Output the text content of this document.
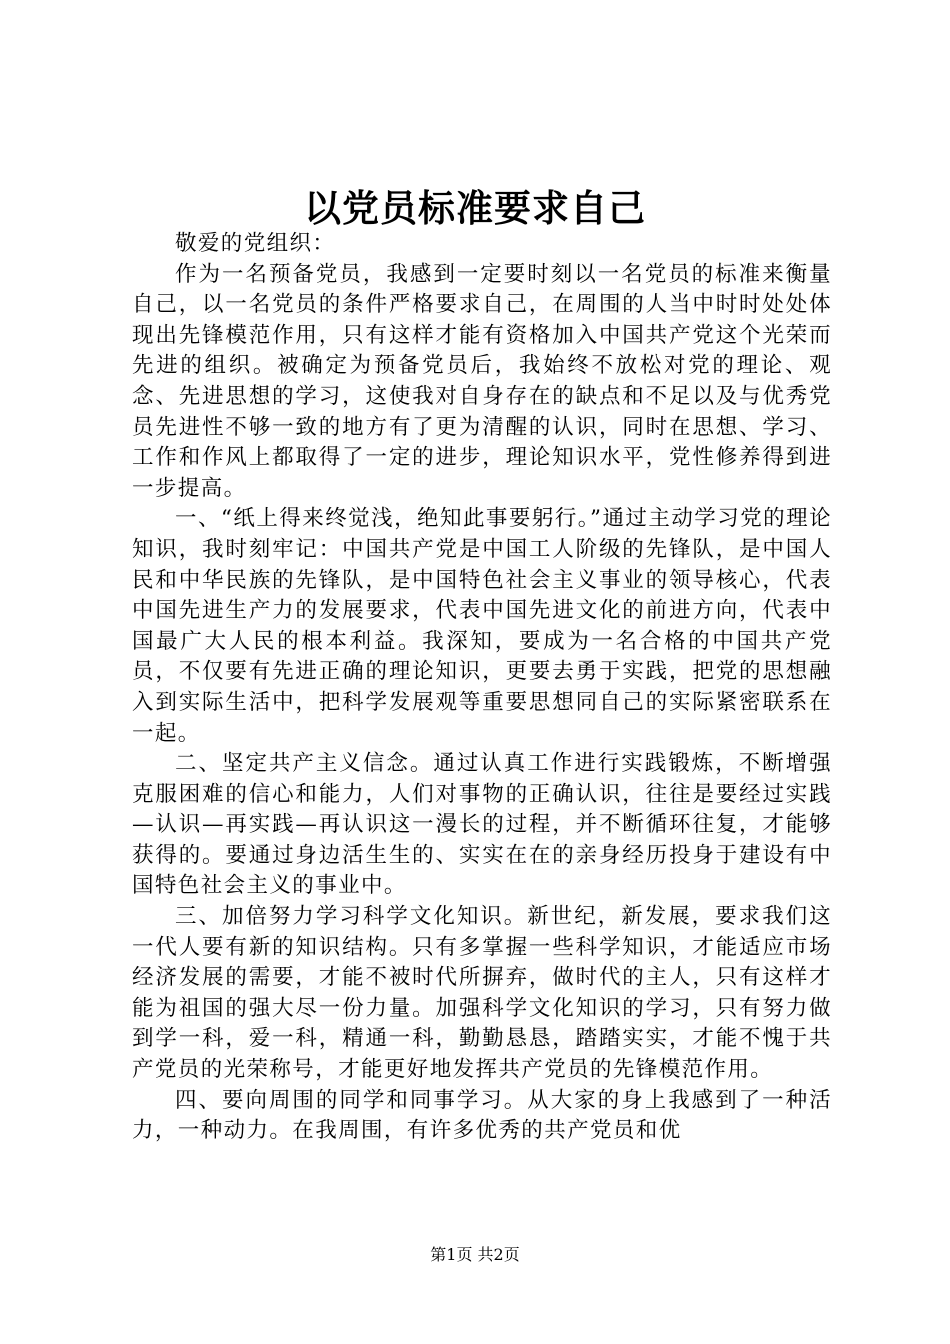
以党员标准要求自己

敬爱的党组织：

作为一名预备党员，我感到一定要时刻以一名党员的标准来衡量自己，以一名党员的条件严格要求自己，在周围的人当中时时处处体现出先锋模范作用，只有这样才能有资格加入中国共产党这个光荣而先进的组织。被确定为预备党员后，我始终不放松对党的理论、观念、先进思想的学习，这使我对自身存在的缺点和不足以及与优秀党员先进性不够一致的地方有了更为清醒的认识，同时在思想、学习、工作和作风上都取得了一定的进步，理论知识水平，党性修养得到进一步提高。

一、“纸上得来终觉浅，绝知此事要躬行。”通过主动学习党的理论知识，我时刻牢记：中国共产党是中国工人阶级的先锋队，是中国人民和中华民族的先锋队，是中国特色社会主义事业的领导核心，代表中国先进生产力的发展要求，代表中国先进文化的前进方向，代表中国最广大人民的根本利益。我深知，要成为一名合格的中国共产党员，不仅要有先进正确的理论知识，更要去勇于实践，把党的思想融入到实际生活中，把科学发展观等重要思想同自己的实际紧密联系在一起。

二、坚定共产主义信念。通过认真工作进行实践锻炼，不断增强克服困难的信心和能力，人们对事物的正确认识，往往是要经过实践—认识—再实践—再认识这一漫长的过程，并不断循环往复，才能够获得的。要通过身边活生生的、实实在在的亲身经历投身于建设有中国特色社会主义的事业中。

三、加倍努力学习科学文化知识。新世纪，新发展，要求我们这一代人要有新的知识结构。只有多掌握一些科学知识，才能适应市场经济发展的需要，才能不被时代所摒弃，做时代的主人，只有这样才能为祖国的强大尽一份力量。加强科学文化知识的学习，只有努力做到学一科，爱一科，精通一科，勤勤恳恳，踏踏实实，才能不愧于共产党员的光荣称号，才能更好地发挥共产党员的先锋模范作用。

四、要向周围的同学和同事学习。从大家的身上我感到了一种活力，一种动力。在我周围，有许多优秀的共产党员和优

第1页 共2页
